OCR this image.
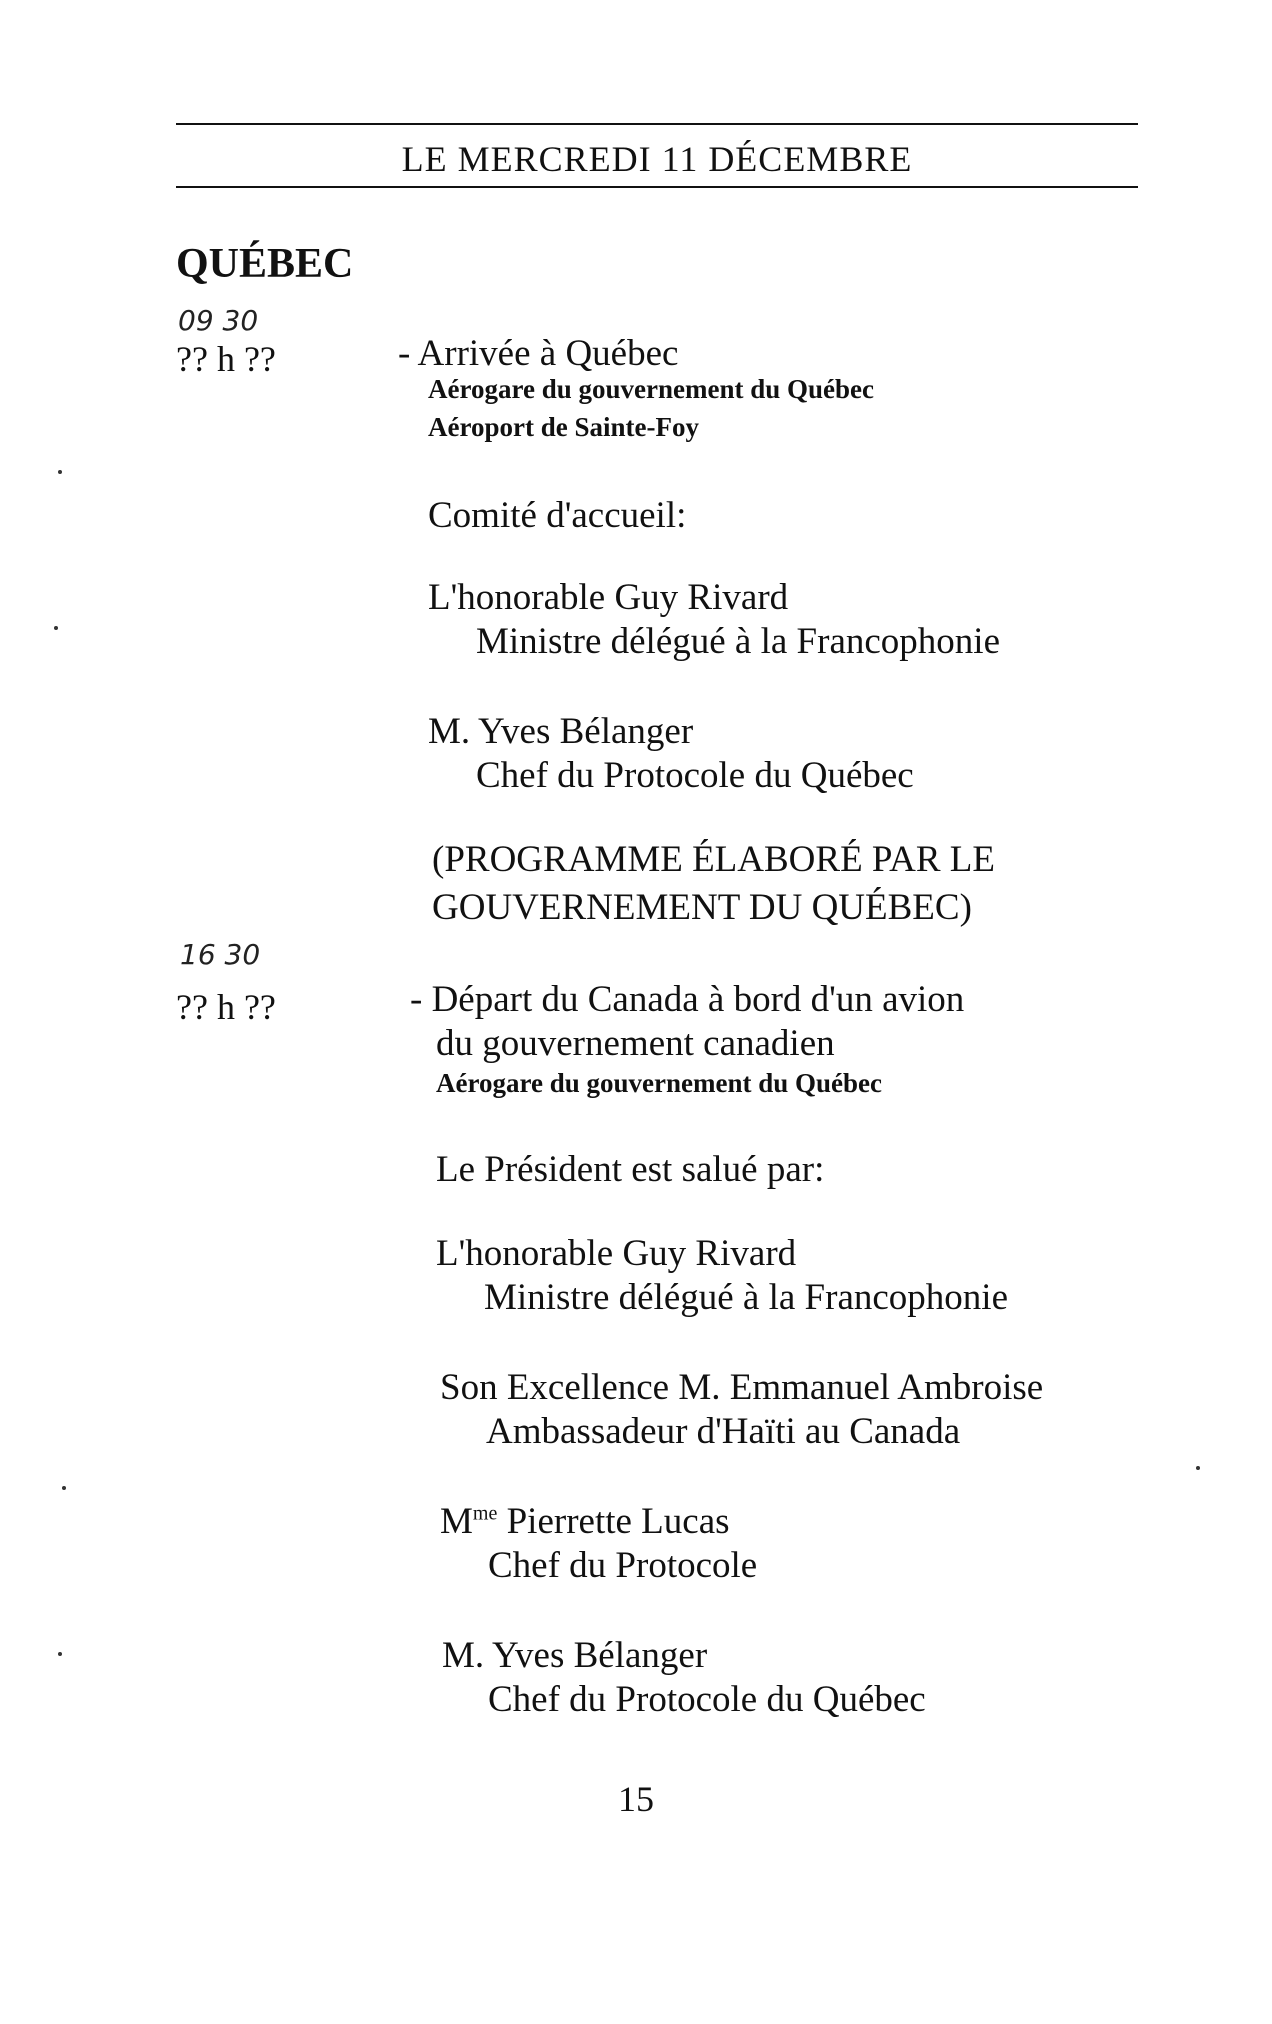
LE MERCREDI 11 DÉCEMBRE
QUÉBEC
09 30
?? h ??	- Arrivée à Québec
Aérogare du gouvernement du Québec
Aéroport de Sainte-Foy
Comité d'accueil:
L'honorable Guy Rivard
Ministre délégué à la Francophonie
M. Yves Bélanger
Chef du Protocole du Québec
(PROGRAMME ÉLABORÉ PAR LE
GOUVERNEMENT DU QUÉBEC)
16 30
?? h ??	- Départ du Canada à bord d'un avion
du gouvernement canadien
Aérogare du gouvernement du Québec
Le Président est salué par:
L'honorable Guy Rivard
Ministre délégué à la Francophonie
Son Excellence M. Emmanuel Ambroise
Ambassadeur d'Haïti au Canada
$M^{me}$ Pierrette Lucas
Chef du Protocole
M. Yves Bélanger
Chef du Protocole du Québec
15
